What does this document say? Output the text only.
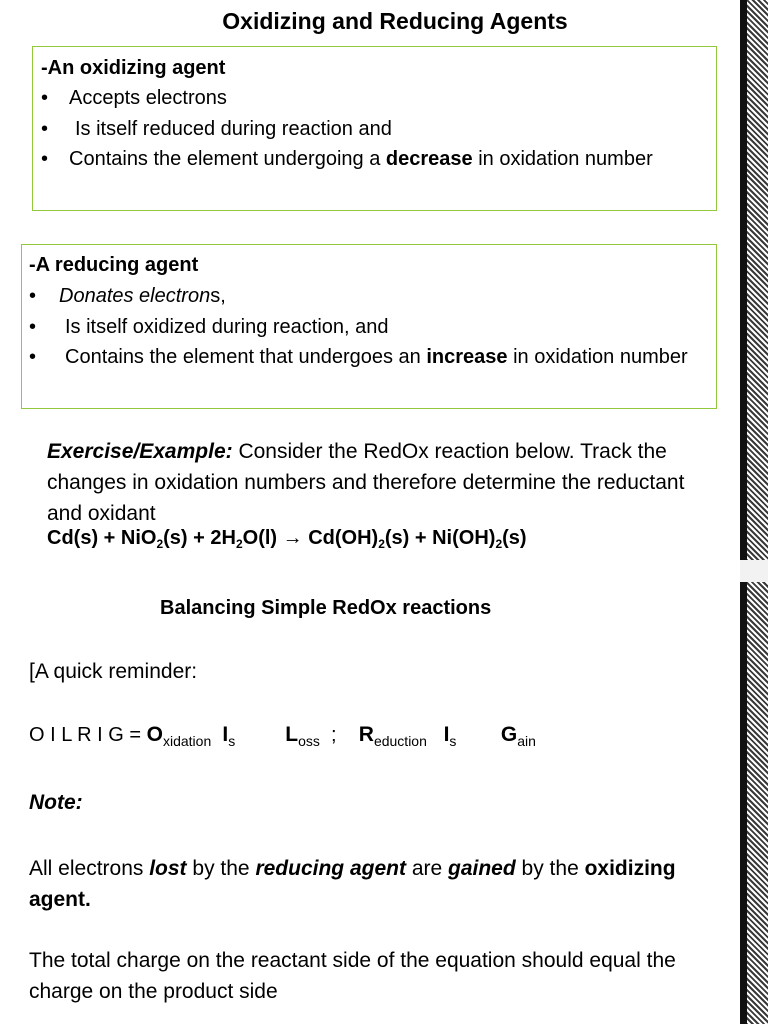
Oxidizing and Reducing Agents
-An oxidizing agent
• Accepts electrons
• Is itself reduced during reaction and
• Contains the element undergoing a decrease in oxidation number
-A reducing agent
• Donates electrons,
• Is itself oxidized during reaction, and
• Contains the element that undergoes an increase in oxidation number
Exercise/Example: Consider the RedOx reaction below. Track the changes in oxidation numbers and therefore determine the reductant and oxidant
$Cd(s) + NiO_2(s) + 2H_2O(l) \to Cd(OH)_2(s) + Ni(OH)_2(s)$
Balancing Simple RedOx reactions
[A quick reminder:
O I L R I $G = O_{xidation}$ $I_s$ $L_{oss}$ ; $R_{eduction}$ $I_s$ $G_{ain}$
Note:
All electrons lost by the reducing agent are gained by the oxidizing agent.
The total charge on the reactant side of the equation should equal the charge on the product side
